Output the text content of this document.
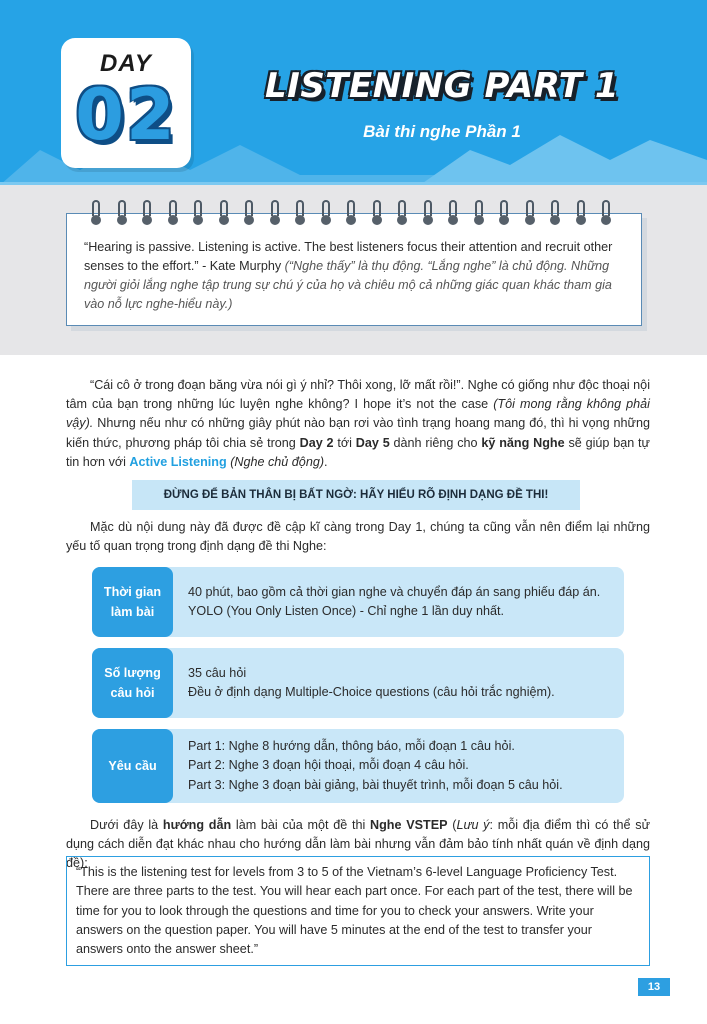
DAY
02	LISTENING PART 1
Bài thi nghe Phần 1
“Hearing is passive. Listening is active. The best listeners focus their attention and recruit other senses to the effort.” - Kate Murphy (“Nghe thấy” là thụ động. “Lắng nghe” là chủ động. Những người giỏi lắng nghe tập trung sự chú ý của họ và chiêu mộ cả những giác quan khác tham gia vào nỗ lực nghe-hiểu này.)
“Cái cô ở trong đoạn băng vừa nói gì ý nhỉ? Thôi xong, lỡ mất rồi!”. Nghe có giống như độc thoại nội tâm của bạn trong những lúc luyện nghe không? I hope it’s not the case (Tôi mong rằng không phải vậy). Nhưng nếu như có những giây phút nào bạn rơi vào tình trạng hoang mang đó, thì hi vọng những kiến thức, phương pháp tôi chia sẻ trong Day 2 tới Day 5 dành riêng cho kỹ năng Nghe sẽ giúp bạn tự tin hơn với Active Listening (Nghe chủ động).
ĐỪNG ĐỂ BẢN THÂN BỊ BẤT NGỜ: HÃY HIỂU RÕ ĐỊNH DẠNG ĐỀ THI!
Mặc dù nội dung này đã được đề cập kĩ càng trong Day 1, chúng ta cũng vẫn nên điểm lại những yếu tố quan trọng trong định dạng đề thi Nghe:
Thời gian
làm bài
40 phút, bao gồm cả thời gian nghe và chuyển đáp án sang phiếu đáp án.
YOLO (You Only Listen Once) - Chỉ nghe 1 lần duy nhất.
Số lượng
câu hỏi
35 câu hỏi
Đều ở định dạng Multiple-Choice questions (câu hỏi trắc nghiệm).
Yêu cầu
Part 1: Nghe 8 hướng dẫn, thông báo, mỗi đoạn 1 câu hỏi.
Part 2: Nghe 3 đoạn hội thoại, mỗi đoạn 4 câu hỏi.
Part 3: Nghe 3 đoạn bài giảng, bài thuyết trình, mỗi đoạn 5 câu hỏi.
Dưới đây là hướng dẫn làm bài của một đề thi Nghe VSTEP (Lưu ý: mỗi địa điểm thì có thể sử dụng cách diễn đạt khác nhau cho hướng dẫn làm bài nhưng vẫn đảm bảo tính nhất quán về định dạng đề):
“This is the listening test for levels from 3 to 5 of the Vietnam’s 6-level Language Proficiency Test. There are three parts to the test. You will hear each part once. For each part of the test, there will be time for you to look through the questions and time for you to check your answers. Write your answers on the question paper. You will have 5 minutes at the end of the test to transfer your answers onto the answer sheet.”
13
